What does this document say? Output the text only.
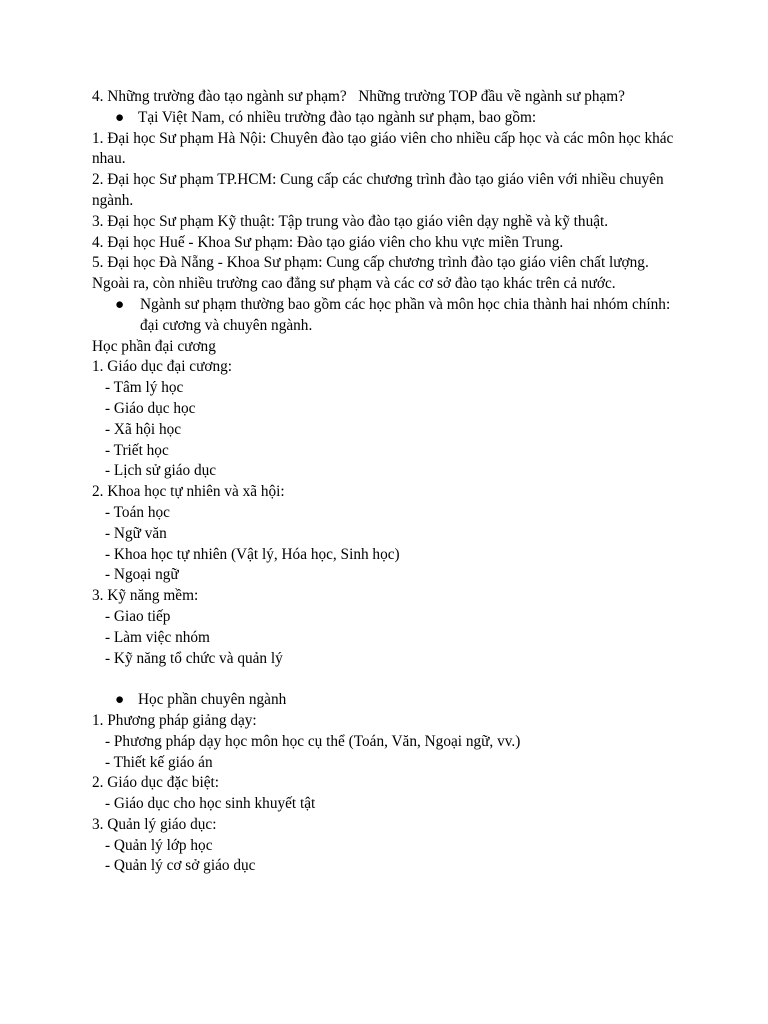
4. Những trường đào tạo ngành sư phạm?   Những trường TOP đầu về ngành sư phạm?

● Tại Việt Nam, có nhiều trường đào tạo ngành sư phạm, bao gồm:

1. Đại học Sư phạm Hà Nội: Chuyên đào tạo giáo viên cho nhiều cấp học và các môn học khác nhau.

2. Đại học Sư phạm TP.HCM: Cung cấp các chương trình đào tạo giáo viên với nhiều chuyên ngành.

3. Đại học Sư phạm Kỹ thuật: Tập trung vào đào tạo giáo viên dạy nghề và kỹ thuật.

4. Đại học Huế - Khoa Sư phạm: Đào tạo giáo viên cho khu vực miền Trung.

5. Đại học Đà Nẵng - Khoa Sư phạm: Cung cấp chương trình đào tạo giáo viên chất lượng.

Ngoài ra, còn nhiều trường cao đẳng sư phạm và các cơ sở đào tạo khác trên cả nước.

● Ngành sư phạm thường bao gồm các học phần và môn học chia thành hai nhóm chính: đại cương và chuyên ngành.

Học phần đại cương

1. Giáo dục đại cương:

- Tâm lý học

- Giáo dục học

- Xã hội học

- Triết học

- Lịch sử giáo dục

2. Khoa học tự nhiên và xã hội:

- Toán học

- Ngữ văn

- Khoa học tự nhiên (Vật lý, Hóa học, Sinh học)

- Ngoại ngữ

3. Kỹ năng mềm:

- Giao tiếp

- Làm việc nhóm

- Kỹ năng tổ chức và quản lý

● Học phần chuyên ngành

1. Phương pháp giảng dạy:

- Phương pháp dạy học môn học cụ thể (Toán, Văn, Ngoại ngữ, vv.)

- Thiết kế giáo án

2. Giáo dục đặc biệt:

- Giáo dục cho học sinh khuyết tật

3. Quản lý giáo dục:

- Quản lý lớp học

- Quản lý cơ sở giáo dục
